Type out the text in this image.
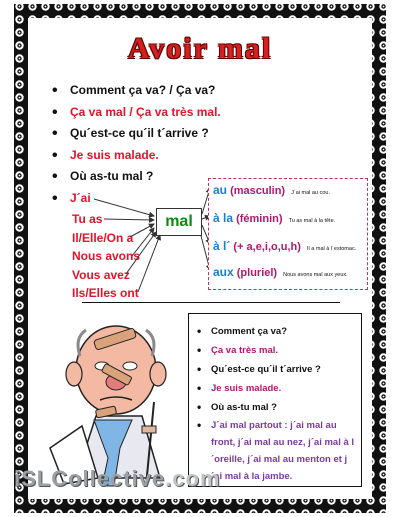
Avoir mal
• Comment ça va? / Ça va?
• Ça va mal / Ça va très mal.
• Qu´est-ce qu´il t´arrive ?
• Je suis malade.
• Où as-tu mal ?
• J´ai
Tu as
Il/Elle/On a
Nous avons
Vous avez
Ils/Elles ont
mal
au (masculin) J´ai mal au cou.
à la (féminin) Tu as mal à la tête.
à l´ (+ a,e,i,o,u,h) Il a mal à l´estomac.
aux (pluriel) Nous avons mal aux yeux.
• Comment ça va?
• Ça va très mal.
• Qu´est-ce qu´il t´arrive ?
• Je suis malade.
• Où as-tu mal ?
• J´ai mal partout : j´ai mal au front, j´ai mal au nez, j´ai mal à l´oreille, j´ai mal au menton et j´ai mal à la jambe.
iSLCollective.com
